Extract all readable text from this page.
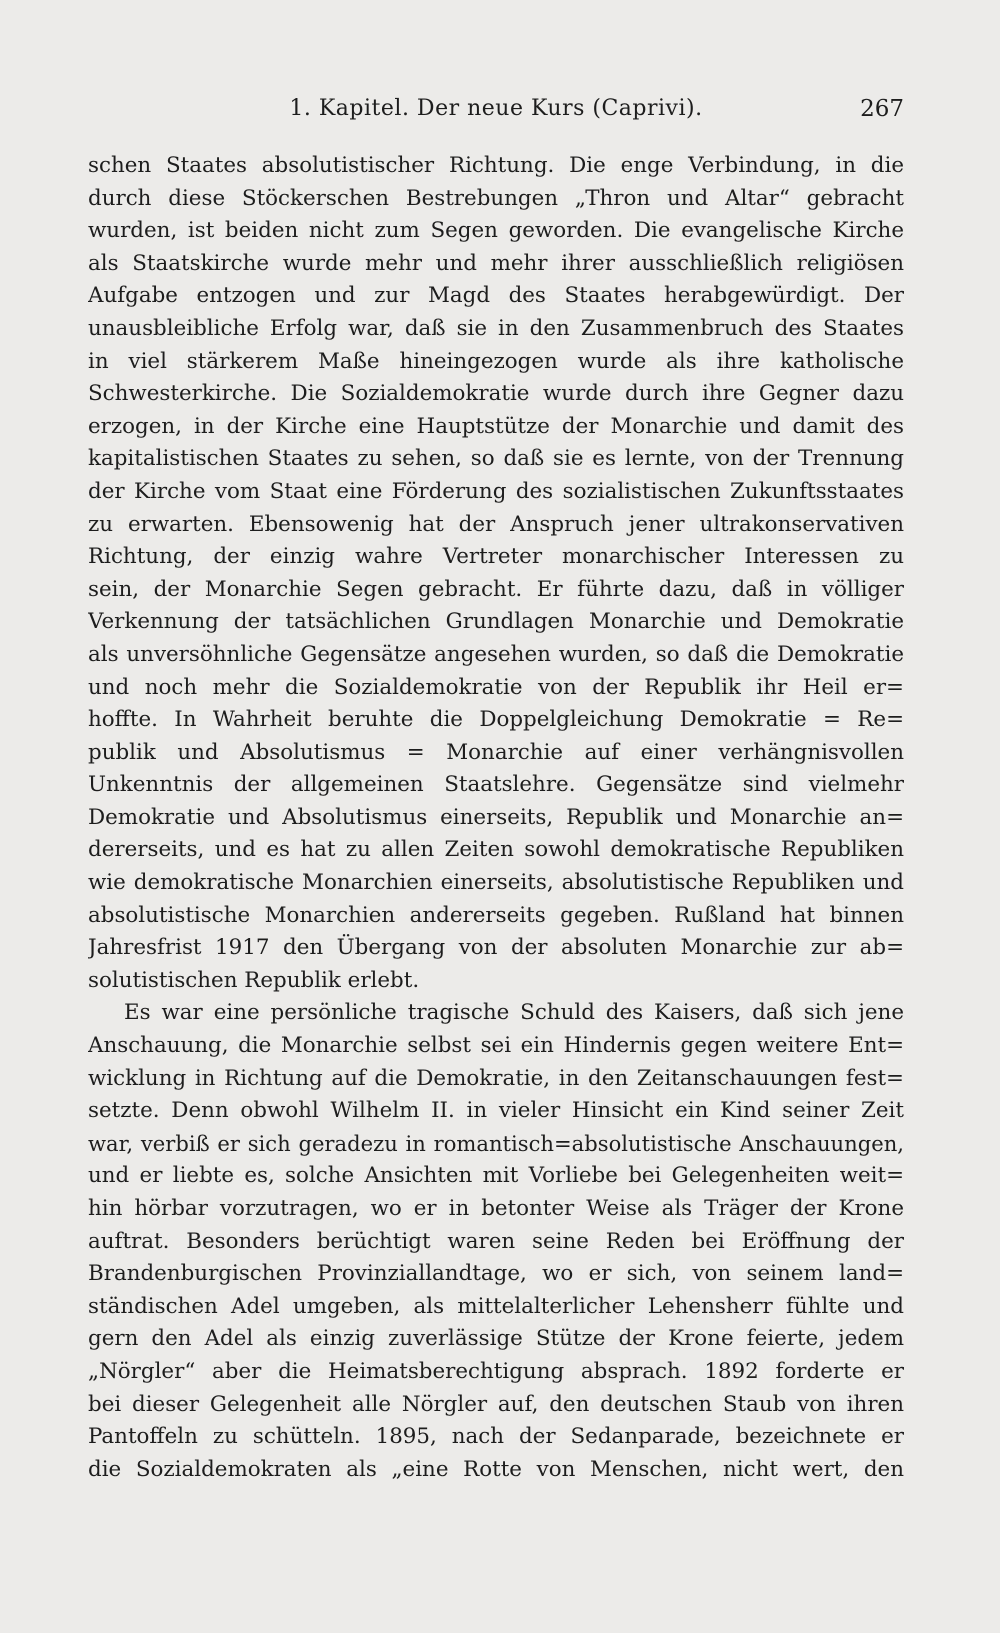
1. Kapitel. Der neue Kurs (Caprivi).	267
schen Staates absolutistischer Richtung. Die enge Verbindung, in die
durch diese Stöckerschen Bestrebungen „Thron und Altar“ gebracht
wurden, ist beiden nicht zum Segen geworden. Die evangelische Kirche
als Staatskirche wurde mehr und mehr ihrer ausschließlich religiösen
Aufgabe entzogen und zur Magd des Staates herabgewürdigt. Der
unausbleibliche Erfolg war, daß sie in den Zusammenbruch des Staates
in viel stärkerem Maße hineingezogen wurde als ihre katholische
Schwesterkirche. Die Sozialdemokratie wurde durch ihre Gegner dazu
erzogen, in der Kirche eine Hauptstütze der Monarchie und damit des
kapitalistischen Staates zu sehen, so daß sie es lernte, von der Trennung
der Kirche vom Staat eine Förderung des sozialistischen Zukunftsstaates
zu erwarten. Ebensowenig hat der Anspruch jener ultrakonservativen
Richtung, der einzig wahre Vertreter monarchischer Interessen zu
sein, der Monarchie Segen gebracht. Er führte dazu, daß in völliger
Verkennung der tatsächlichen Grundlagen Monarchie und Demokratie
als unversöhnliche Gegensätze angesehen wurden, so daß die Demokratie
und noch mehr die Sozialdemokratie von der Republik ihr Heil er=
hoffte. In Wahrheit beruhte die Doppelgleichung Demokratie = Re=
publik und Absolutismus = Monarchie auf einer verhängnisvollen
Unkenntnis der allgemeinen Staatslehre. Gegensätze sind vielmehr
Demokratie und Absolutismus einerseits, Republik und Monarchie an=
dererseits, und es hat zu allen Zeiten sowohl demokratische Republiken
wie demokratische Monarchien einerseits, absolutistische Republiken und
absolutistische Monarchien andererseits gegeben. Rußland hat binnen
Jahresfrist 1917 den Übergang von der absoluten Monarchie zur ab=
solutistischen Republik erlebt.
Es war eine persönliche tragische Schuld des Kaisers, daß sich jene
Anschauung, die Monarchie selbst sei ein Hindernis gegen weitere Ent=
wicklung in Richtung auf die Demokratie, in den Zeitanschauungen fest=
setzte. Denn obwohl Wilhelm II. in vieler Hinsicht ein Kind seiner Zeit
war, verbiß er sich geradezu in romantisch=absolutistische Anschauungen,
und er liebte es, solche Ansichten mit Vorliebe bei Gelegenheiten weit=
hin hörbar vorzutragen, wo er in betonter Weise als Träger der Krone
auftrat. Besonders berüchtigt waren seine Reden bei Eröffnung der
Brandenburgischen Provinziallandtage, wo er sich, von seinem land=
ständischen Adel umgeben, als mittelalterlicher Lehensherr fühlte und
gern den Adel als einzig zuverlässige Stütze der Krone feierte, jedem
„Nörgler“ aber die Heimatsberechtigung absprach. 1892 forderte er
bei dieser Gelegenheit alle Nörgler auf, den deutschen Staub von ihren
Pantoffeln zu schütteln. 1895, nach der Sedanparade, bezeichnete er
die Sozialdemokraten als „eine Rotte von Menschen, nicht wert, den
